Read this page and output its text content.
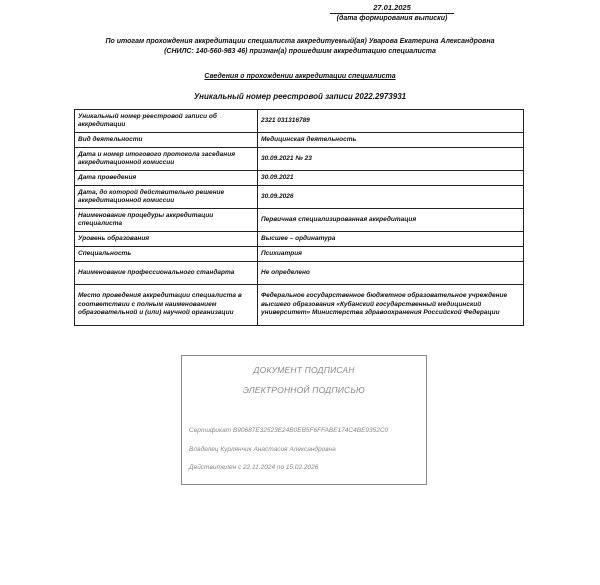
27.01.2025
(дата формирования выписки)
По итогам прохождения аккредитации специалиста аккредитуемый(ая) Уварова Екатерина Александровна
(СНИЛС: 140-560-983 46) признан(а) прошедшим аккредитацию специалиста
Сведения о прохождении аккредитации специалиста
Уникальный номер реестровой записи 2022.2973931
Уникальный номер реестровой записи об аккредитации	2321 031316789
Вид деятельности	Медицинская деятельность
Дата и номер итогового протокола заседания аккредитационной комиссии	30.09.2021 № 23
Дата проведения	30.09.2021
Дата, до которой действительно решение аккредитационной комиссии	30.09.2026
Наименование процедуры аккредитации специалиста	Первичная специализированная аккредитация
Уровень образования	Высшее – ординатура
Специальность	Психиатрия
Наименование профессионального стандарта	Не определено
Место проведения аккредитации специалиста в соответствии с полным наименованием образовательной и (или) научной организации	Федеральное государственное бюджетное образовательное учреждение высшего образования «Кубанский государственный медицинский университет» Министерства здравоохранения Российской Федерации
ДОКУМЕНТ ПОДПИСАН
ЭЛЕКТРОННОЙ ПОДПИСЬЮ
Сертификат B90687E32523E24B0EB5F6FFABE174C4BE9352C0
Владелец Курлянчик Анастасия Александровна
Действителен с 22.11.2024 по 15.02.2026
